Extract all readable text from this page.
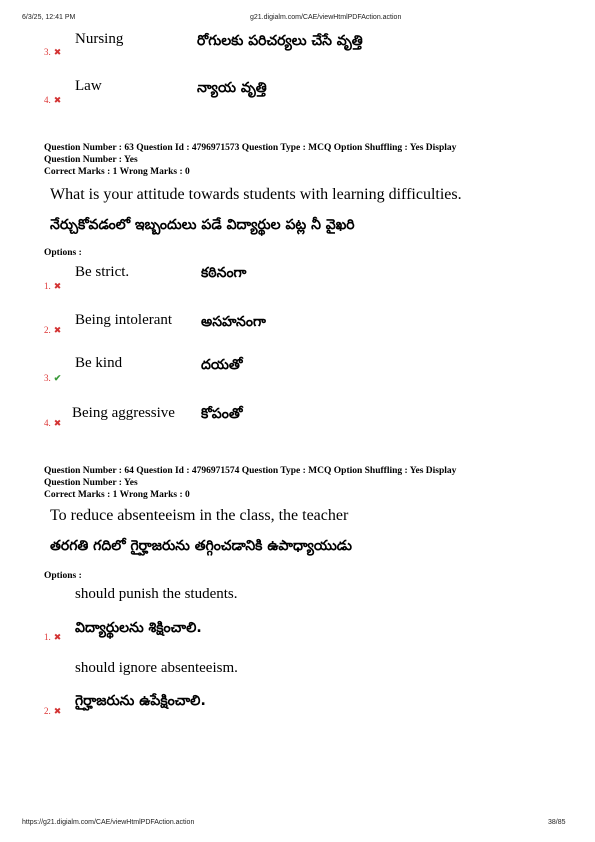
6/3/25, 12:41 PM	g21.digialm.com/CAE/viewHtmlPDFAction.action
Nursing	రోగులకు పరిచర్యలు చేసే వృత్తి
3. ✖
Law	న్యాయ వృత్తి
4. ✖
Question Number : 63 Question Id : 4796971573 Question Type : MCQ Option Shuffling : Yes Display
Question Number : Yes
Correct Marks : 1 Wrong Marks : 0
What is your attitude towards students with learning difficulties.
నేర్చుకోవడంలో ఇబ్బందులు పడే విద్యార్థుల పట్ల నీ వైఖరి
Options :
Be strict.	కఠినంగా
1. ✖
Being intolerant అసహనంగా
2. ✖
Be kind	దయతో
3. ✔
Being aggressive కోపంతో
4. ✖
Question Number : 64 Question Id : 4796971574 Question Type : MCQ Option Shuffling : Yes Display
Question Number : Yes
Correct Marks : 1 Wrong Marks : 0
To reduce absenteeism in the class, the teacher
తరగతి గదిలో గైర్హాజరును తగ్గించడానికి ఉపాధ్యాయుడు
Options :
should punish the students.
విద్యార్థులను శిక్షించాలి.
1. ✖
should ignore absenteeism.
గైర్హాజరును ఉపేక్షించాలి.
2. ✖
https://g21.digialm.com/CAE/viewHtmlPDFAction.action	38/85
